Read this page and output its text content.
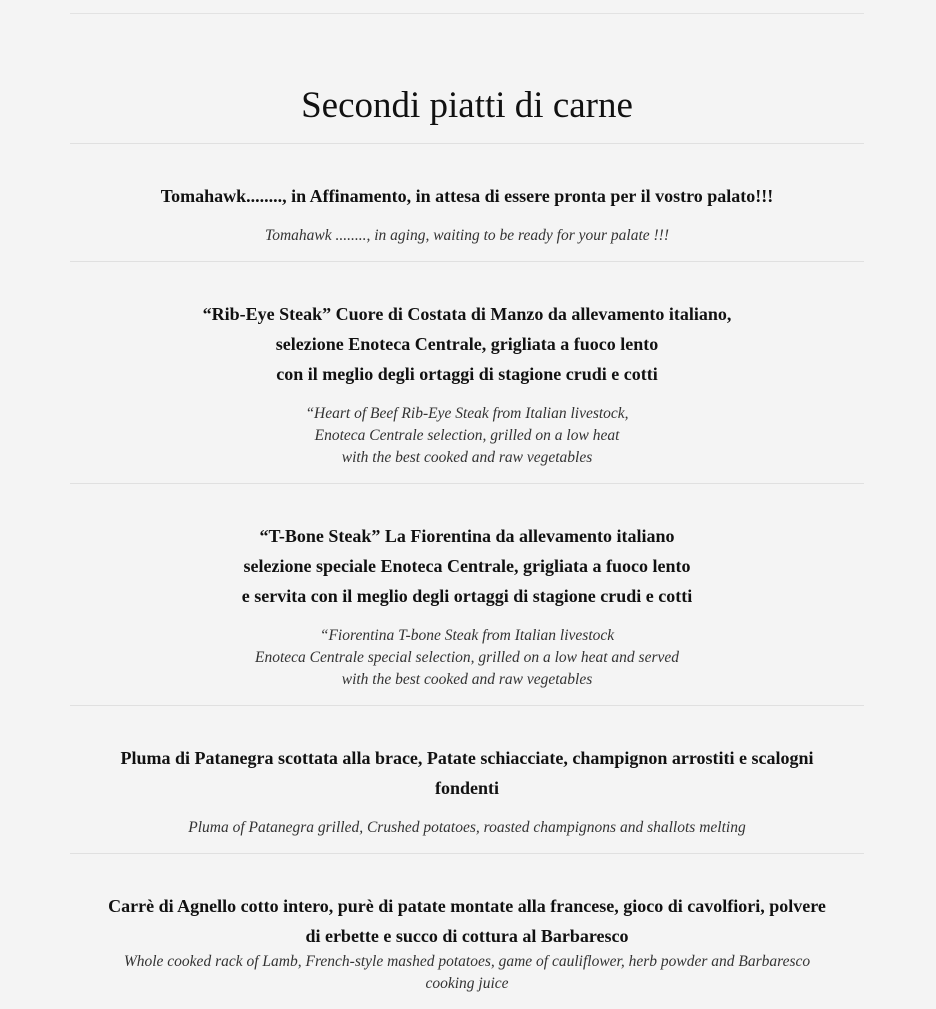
Secondi piatti di carne
Tomahawk........, in Affinamento, in attesa di essere pronta per il vostro palato!!!
Tomahawk ........, in aging, waiting to be ready for your palate !!!
“Rib-Eye Steak” Cuore di Costata di Manzo da allevamento italiano,
selezione Enoteca Centrale, grigliata a fuoco lento
con il meglio degli ortaggi di stagione crudi e cotti
“Heart of Beef Rib-Eye Steak from Italian livestock,
Enoteca Centrale selection, grilled on a low heat
with the best cooked and raw vegetables
“T-Bone Steak” La Fiorentina da allevamento italiano
selezione speciale Enoteca Centrale, grigliata a fuoco lento
e servita con il meglio degli ortaggi di stagione crudi e cotti
“Fiorentina T-bone Steak from Italian livestock
Enoteca Centrale special selection, grilled on a low heat and served
with the best cooked and raw vegetables
Pluma di Patanegra scottata alla brace, Patate schiacciate, champignon arrostiti e scalogni
fondenti
Pluma of Patanegra grilled, Crushed potatoes, roasted champignons and shallots melting
Carrè di Agnello cotto intero, purè di patate montate alla francese, gioco di cavolfiori, polvere
di erbette e succo di cottura al Barbaresco
Whole cooked rack of Lamb, French-style mashed potatoes, game of cauliflower, herb powder and Barbaresco
cooking juice
